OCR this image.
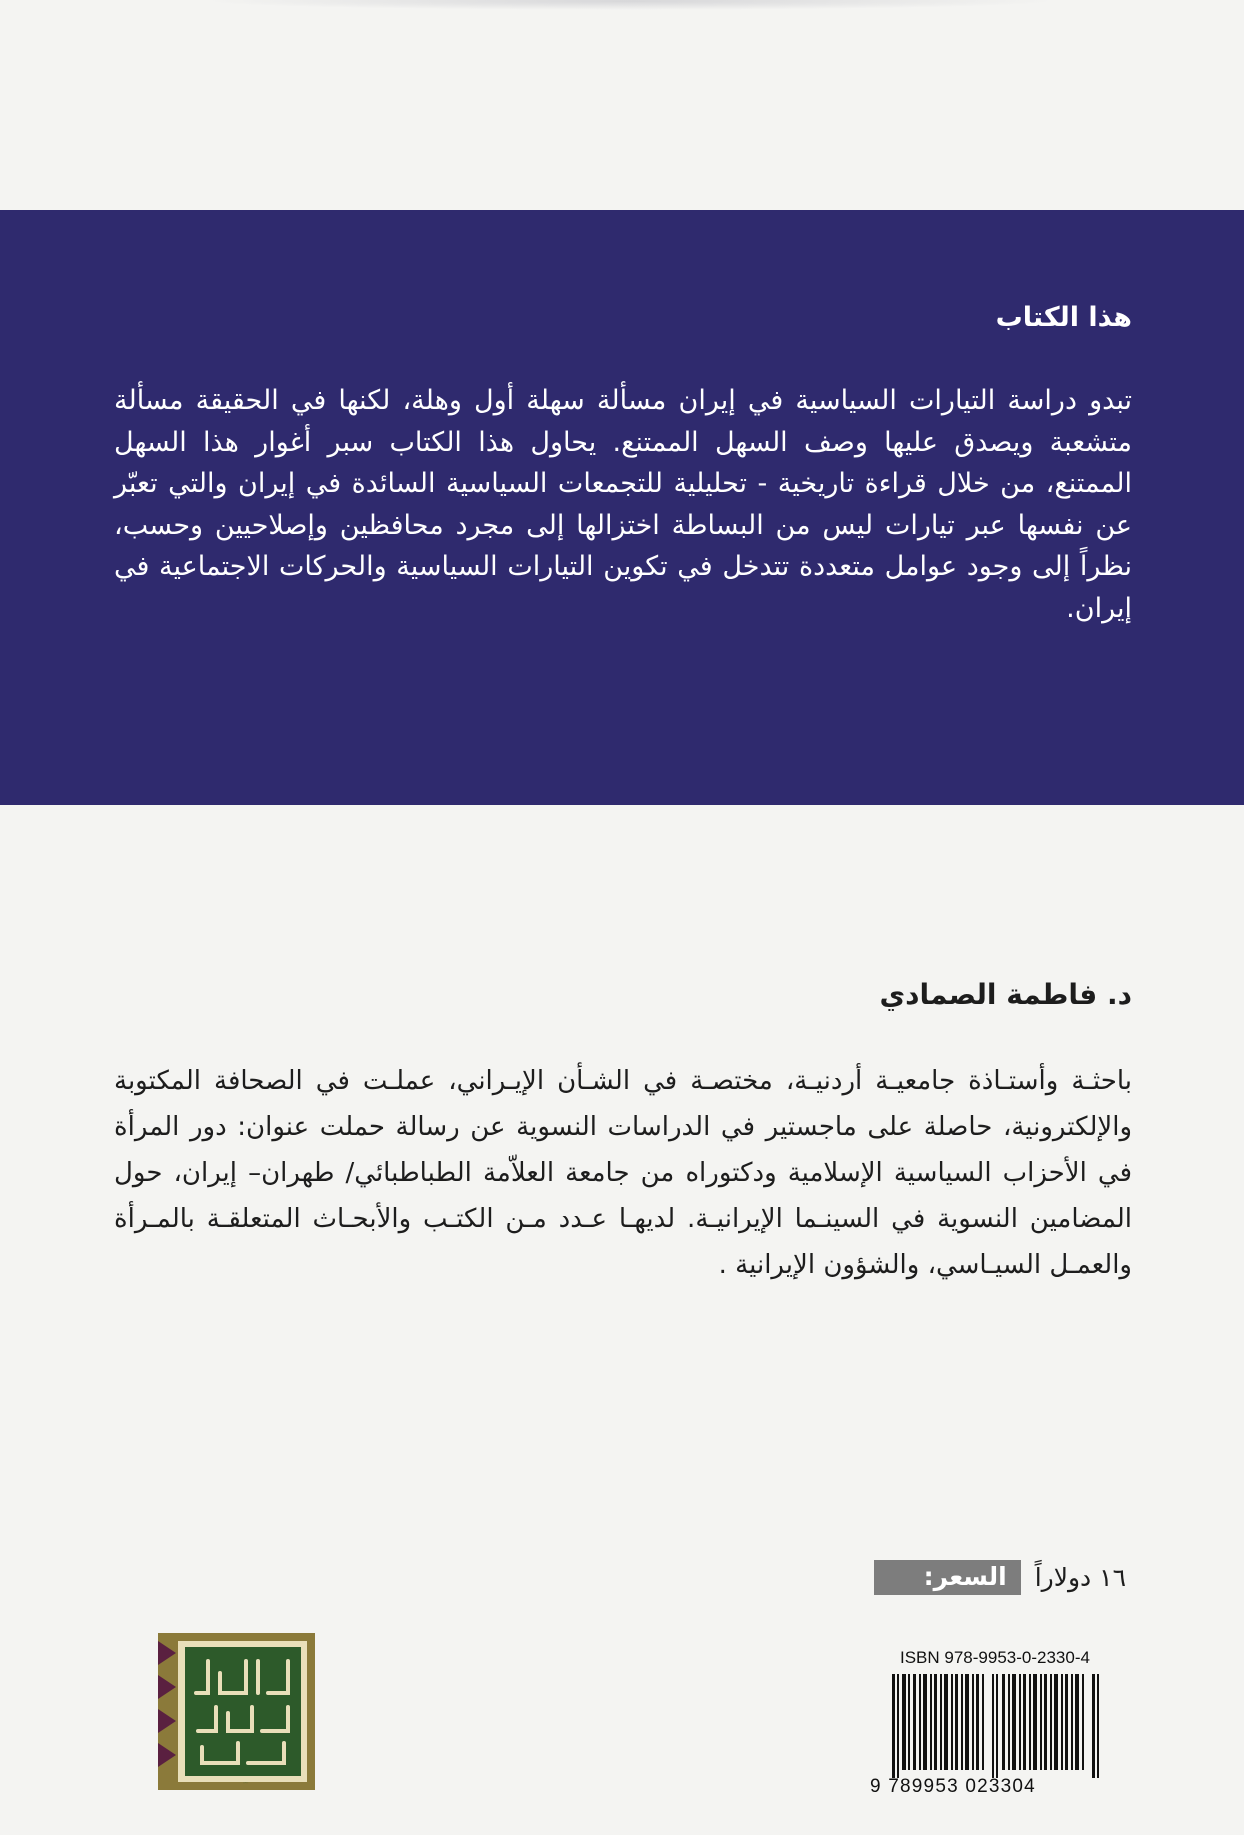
هذا الكتاب
تبدو دراسة التيارات السياسية في إيران مسألة سهلة أول وهلة، لكنها في الحقيقة مسألة متشعبة ويصدق عليها وصف السهل الممتنع. يحاول هذا الكتاب سبر أغوار هذا السهل الممتنع، من خلال قراءة تاريخية - تحليلية للتجمعات السياسية السائدة في إيران والتي تعبّر عن نفسها عبر تيارات ليس من البساطة اختزالها إلى مجرد محافظين وإصلاحيين وحسب، نظراً إلى وجود عوامل متعددة تتدخل في تكوين التيارات السياسية والحركات الاجتماعية في إيران.
د. فاطمة الصمادي
باحثـة وأستـاذة جامعيـة أردنيـة، مختصـة في الشـأن الإيـراني، عملـت في الصحافة المكتوبة والإلكترونية، حاصلة على ماجستير في الدراسات النسوية عن رسالة حملت عنوان: دور المرأة في الأحزاب السياسية الإسلامية ودكتوراه من جامعة العلاّمة الطباطبائي/ طهران– إيران، حول المضامين النسوية في السينـما الإيرانيـة. لديهـا عـدد مـن الكتـب والأبحـاث المتعلقـة بالمـرأة والعمـل السيـاسي، والشؤون الإيرانية .
السعر:	١٦ دولاراً
ISBN 978-9953-0-2330-4
9 789953 023304
مركز العربي
